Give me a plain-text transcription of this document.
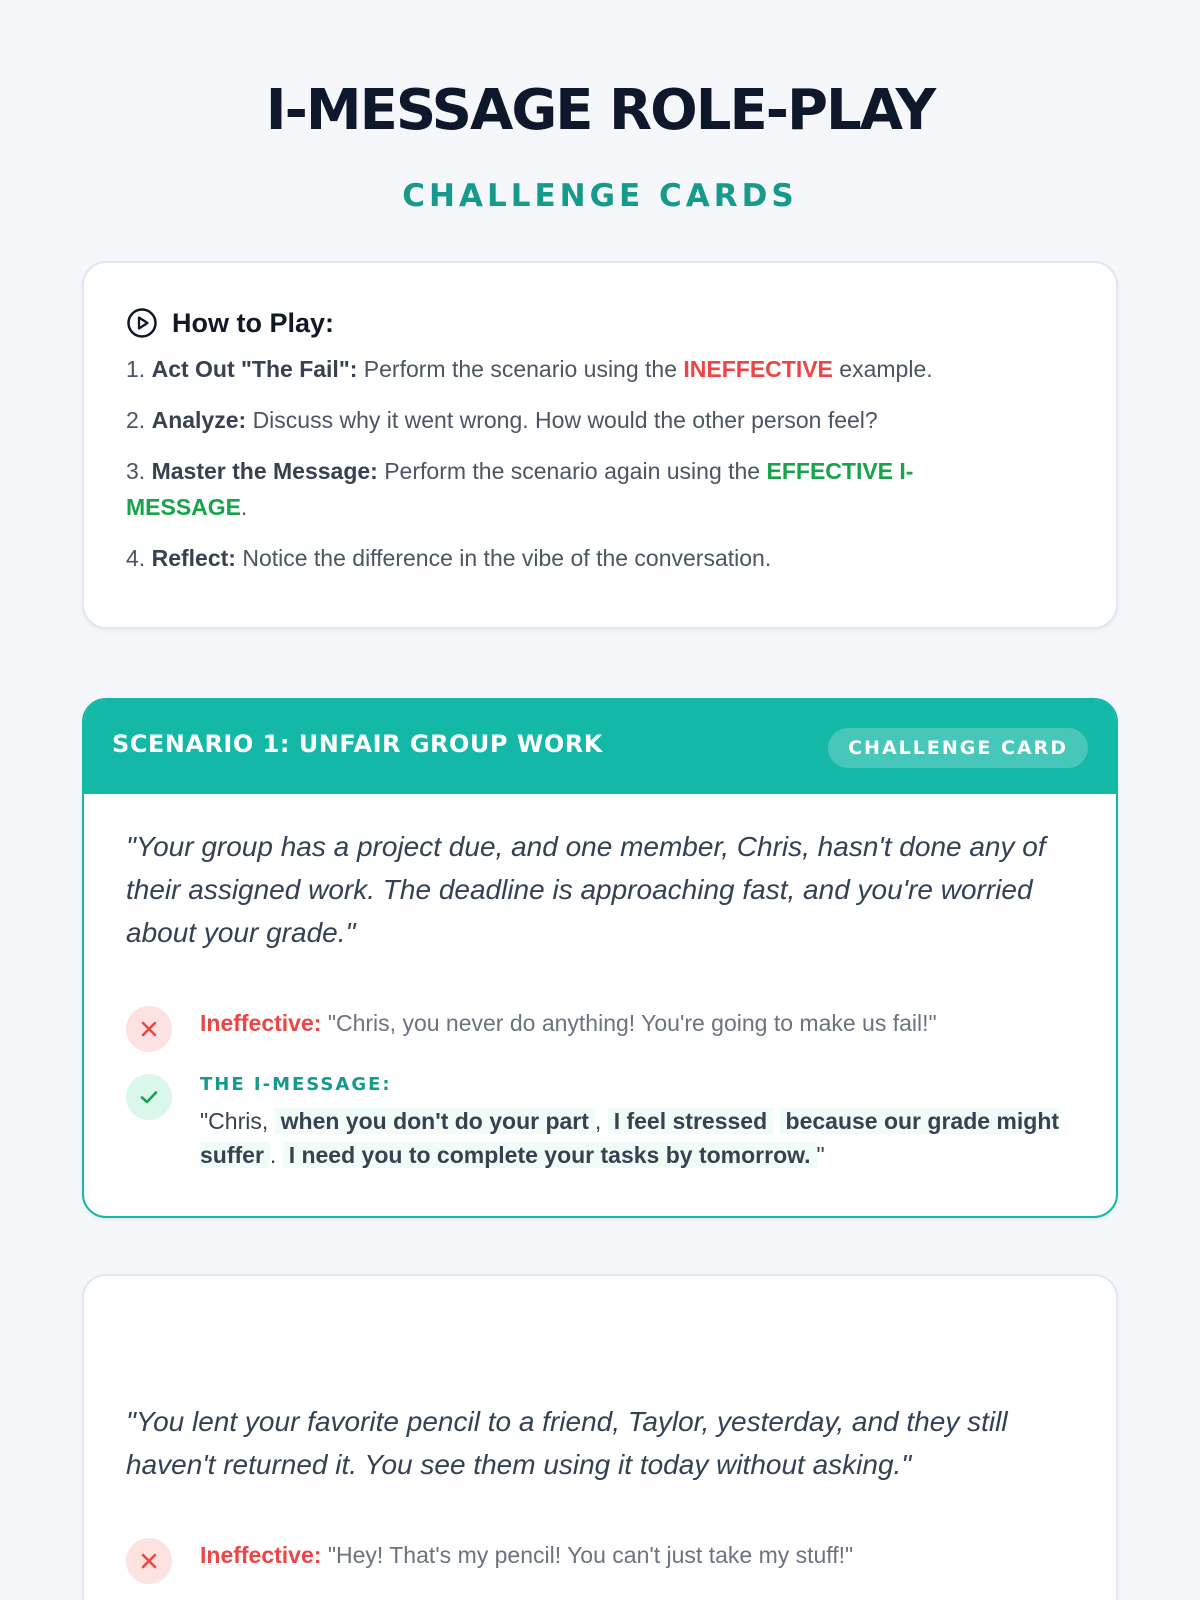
I-MESSAGE ROLE-PLAY
CHALLENGE CARDS
How to Play:
1. Act Out "The Fail": Perform the scenario using the INEFFECTIVE example.
2. Analyze: Discuss why it went wrong. How would the other person feel?
3. Master the Message: Perform the scenario again using the EFFECTIVE I-MESSAGE.
4. Reflect: Notice the difference in the vibe of the conversation.
SCENARIO 1: UNFAIR GROUP WORK	CHALLENGE CARD
"Your group has a project due, and one member, Chris, hasn't done any of their assigned work. The deadline is approaching fast, and you're worried about your grade."
Ineffective: "Chris, you never do anything! You're going to make us fail!"
THE I-MESSAGE:
"Chris, when you don't do your part , I feel stressed because our grade might suffer . I need you to complete your tasks by tomorrow. "
"You lent your favorite pencil to a friend, Taylor, yesterday, and they still haven't returned it. You see them using it today without asking."
Ineffective: "Hey! That's my pencil! You can't just take my stuff!"
